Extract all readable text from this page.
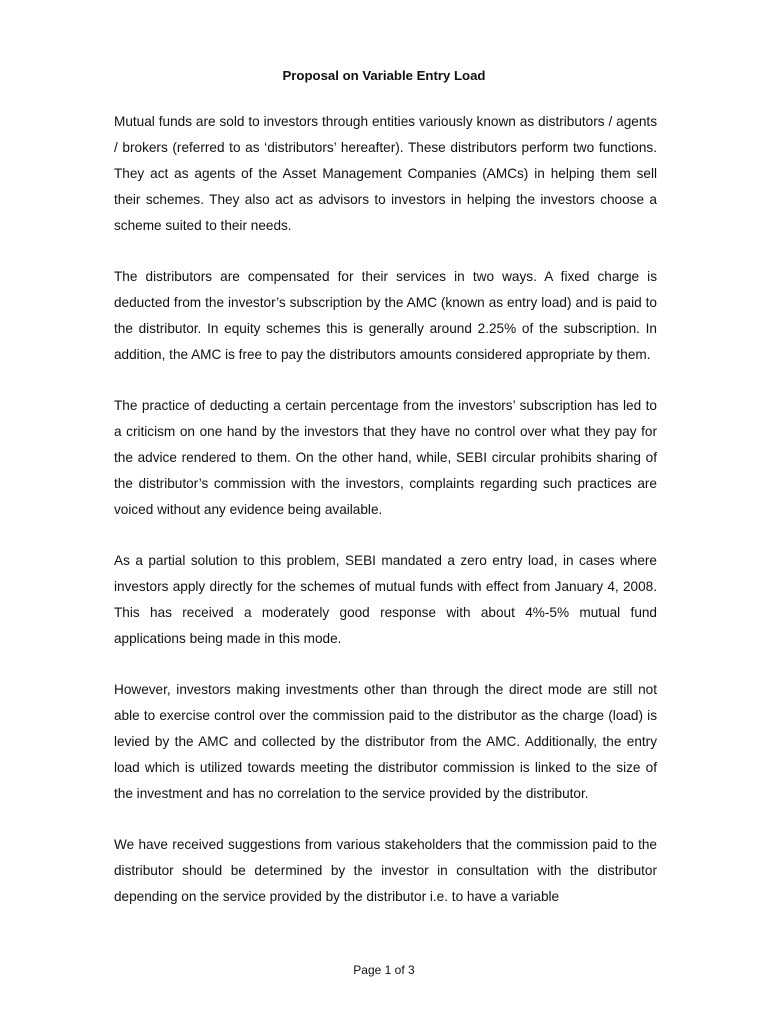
Proposal on Variable Entry Load

Mutual funds are sold to investors through entities variously known as distributors / agents / brokers (referred to as ‘distributors’ hereafter). These distributors perform two functions. They act as agents of the Asset Management Companies (AMCs) in helping them sell their schemes. They also act as advisors to investors in helping the investors choose a scheme suited to their needs.

The distributors are compensated for their services in two ways. A fixed charge is deducted from the investor’s subscription by the AMC (known as entry load) and is paid to the distributor. In equity schemes this is generally around 2.25% of the subscription. In addition, the AMC is free to pay the distributors amounts considered appropriate by them.

The practice of deducting a certain percentage from the investors’ subscription has led to a criticism on one hand by the investors that they have no control over what they pay for the advice rendered to them. On the other hand, while, SEBI circular prohibits sharing of the distributor’s commission with the investors, complaints regarding such practices are voiced without any evidence being available.

As a partial solution to this problem, SEBI mandated a zero entry load, in cases where investors apply directly for the schemes of mutual funds with effect from January 4, 2008. This has received a moderately good response with about 4%-5% mutual fund applications being made in this mode.

However, investors making investments other than through the direct mode are still not able to exercise control over the commission paid to the distributor as the charge (load) is levied by the AMC and collected by the distributor from the AMC. Additionally, the entry load which is utilized towards meeting the distributor commission is linked to the size of the investment and has no correlation to the service provided by the distributor.

We have received suggestions from various stakeholders that the commission paid to the distributor should be determined by the investor in consultation with the distributor depending on the service provided by the distributor i.e. to have a variable

Page 1 of 3
